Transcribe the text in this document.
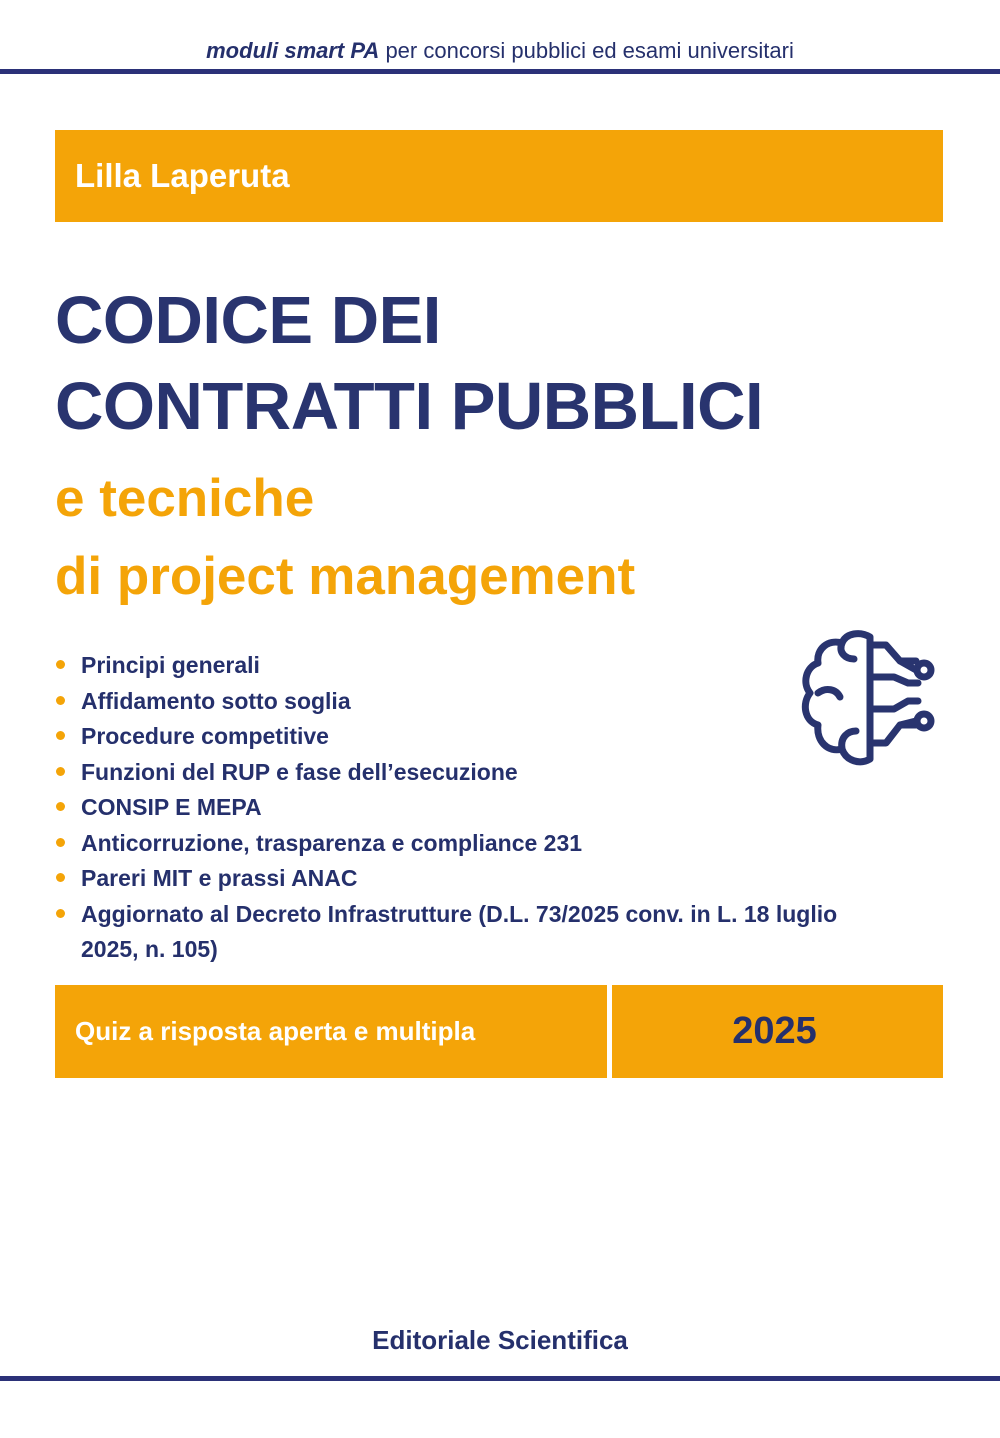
moduli smart PA per concorsi pubblici ed esami universitari
Lilla Laperuta
CODICE DEI
CONTRATTI PUBBLICI
e tecniche
di project management
Principi generali
Affidamento sotto soglia
Procedure competitive
Funzioni del RUP e fase dell’esecuzione
CONSIP E MEPA
Anticorruzione, trasparenza e compliance 231
Pareri MIT e prassi ANAC
Aggiornato al Decreto Infrastrutture (D.L. 73/2025 conv. in L. 18 luglio 2025, n. 105)
Quiz a risposta aperta e multipla	2025
Editoriale Scientifica
